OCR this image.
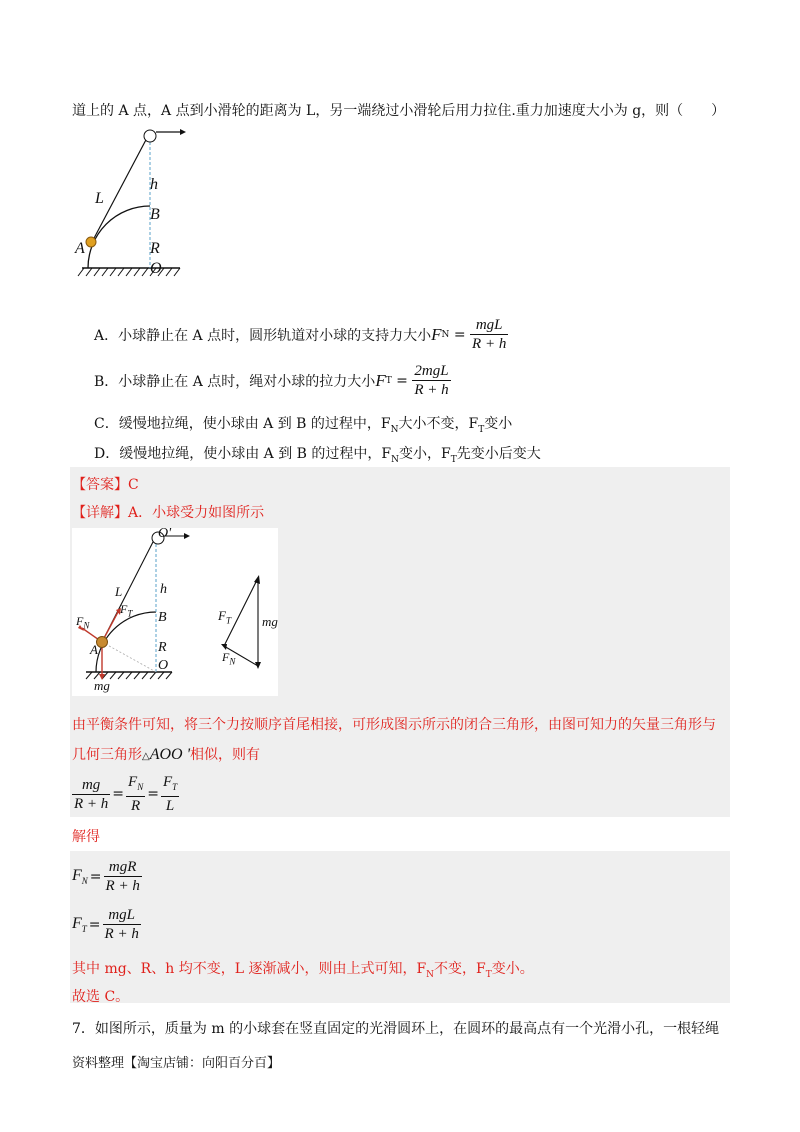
道上的 A 点，A 点到小滑轮的距离为 L，另一端绕过小滑轮后用力拉住.重力加速度大小为 g，则（　　）
L
h
B
A	R
O
A．小球静止在 A 点时，圆形轨道对小球的支持力大小 F $N = \frac{\text{mgL}}{R + h}$
B．小球静止在 A 点时，绳对小球的拉力大小 F $T = \frac{\text{2mgL}}{R + h}$
C．缓慢地拉绳，使小球由 A 到 B 的过程中，$F_N$大小不变，$F_T$变小
D．缓慢地拉绳，使小球由 A 到 B 的过程中，$F_N$变小，$F_T$先变小后变大
【答案】C
【详解】A．小球受力如图所示
O'
h
L
$F_T$ B
A	R
O
mg
$F_N$	mg
$F_T$
$F_N$
由平衡条件可知，将三个力按顺序首尾相接，可形成图示所示的闭合三角形，由图可知力的矢量三角形与
几何三角形△AOO '相似，则有
$\frac{mg}{R + h} = \frac{F_N}{R} = \frac{F_T}{L}$
解得
$F_N = \frac{\text{mgR}}{R + h}$
$F_T = \frac{\text{mgL}}{R + h}$
其中 mg、R、h 均不变，L 逐渐减小，则由上式可知，$F_N$不变，$F_T$变小。
故选 C。
7．如图所示，质量为 m 的小球套在竖直固定的光滑圆环上，在圆环的最高点有一个光滑小孔，一根轻绳
资料整理【淘宝店铺：向阳百分百】
